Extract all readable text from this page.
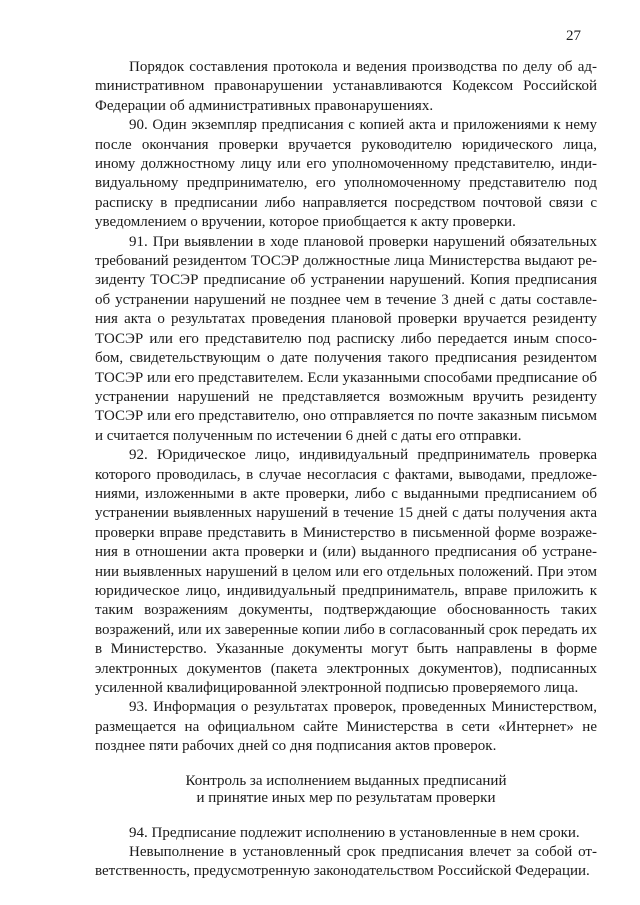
27

Порядок составления протокола и ведения производства по делу об адmинистративном правонарушении устанавливаются Кодексом Российской Федерации об административных правонарушениях.

90. Один экземпляр предписания с копией акта и приложениями к нему после окончания проверки вручается руководителю юридического лица, иному должностному лицу или его уполномоченному представителю, индивидуальному предпринимателю, его уполномоченному представителю под расписку в предписании либо направляется посредством почтовой связи с уведомлением о вручении, которое приобщается к акту проверки.

91. При выявлении в ходе плановой проверки нарушений обязательных требований резидентом ТОСЭР должностные лица Министерства выдают резиденту ТОСЭР предписание об устранении нарушений. Копия предписания об устранении нарушений не позднее чем в течение 3 дней с даты составления акта о результатах проведения плановой проверки вручается резиденту ТОСЭР или его представителю под расписку либо передается иным способом, свидетельствующим о дате получения такого предписания резидентом ТОСЭР или его представителем. Если указанными способами предписание об устранении нарушений не представляется возможным вручить резиденту ТОСЭР или его представителю, оно отправляется по почте заказным письмом и считается полученным по истечении 6 дней с даты его отправки.

92. Юридическое лицо, индивидуальный предприниматель проверка которого проводилась, в случае несогласия с фактами, выводами, предложениями, изложенными в акте проверки, либо с выданными предписанием об устранении выявленных нарушений в течение 15 дней с даты получения акта проверки вправе представить в Министерство в письменной форме возражения в отношении акта проверки и (или) выданного предписания об устранении выявленных нарушений в целом или его отдельных положений. При этом юридическое лицо, индивидуальный предприниматель, вправе приложить к таким возражениям документы, подтверждающие обоснованность таких возражений, или их заверенные копии либо в согласованный срок передать их в Министерство. Указанные документы могут быть направлены в форме электронных документов (пакета электронных документов), подписанных усиленной квалифицированной электронной подписью проверяемого лица.

93. Информация о результатах проверок, проведенных Министерством, размещается на официальном сайте Министерства в сети «Интернет» не позднее пяти рабочих дней со дня подписания актов проверок.

Контроль за исполнением выданных предписаний
и принятие иных мер по результатам проверки

94. Предписание подлежит исполнению в установленные в нем сроки.

Невыполнение в установленный срок предписания влечет за собой ответственность, предусмотренную законодательством Российской Федерации.
